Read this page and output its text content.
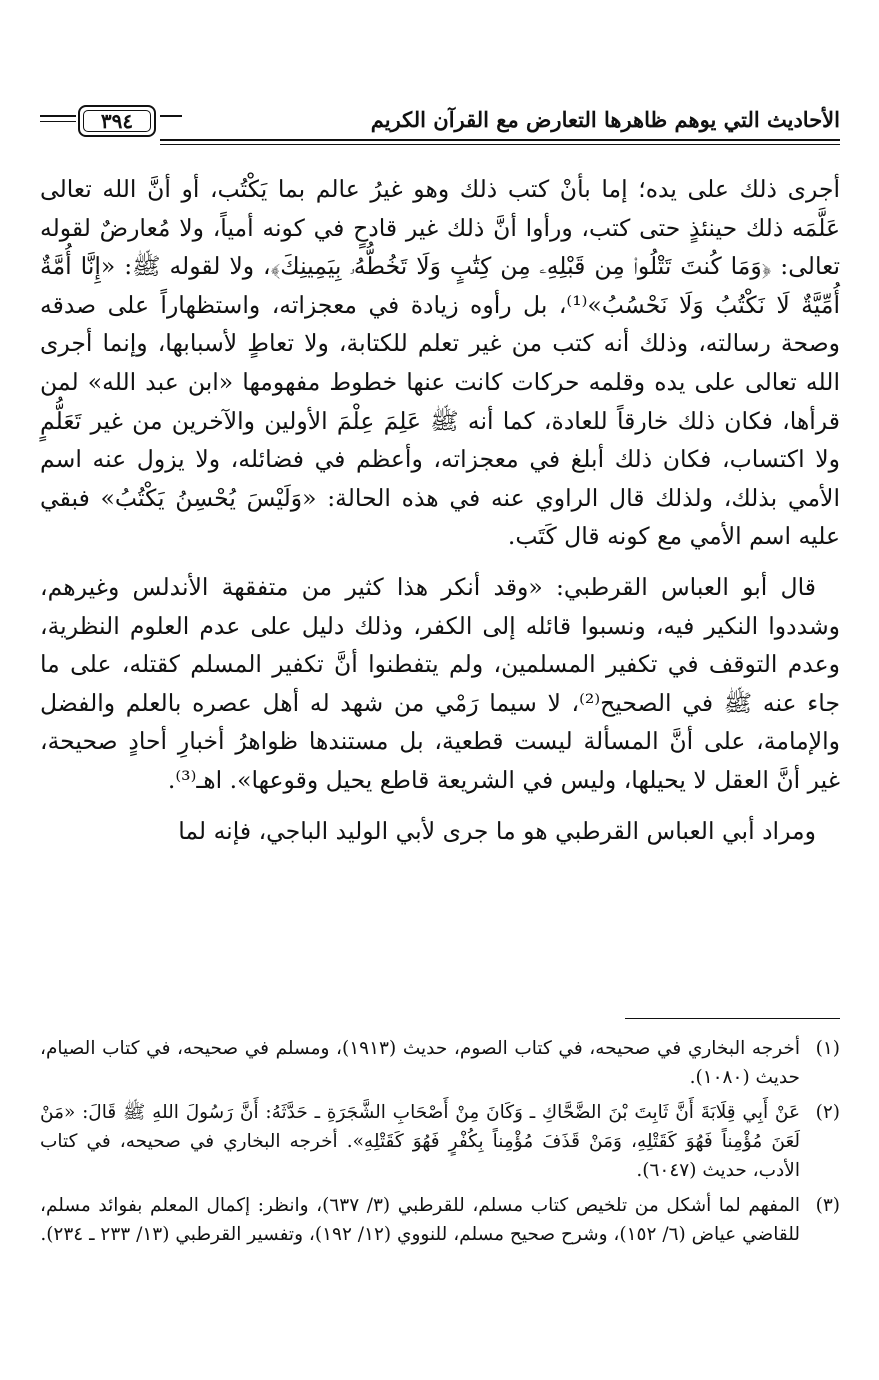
الأحاديث التي يوهم ظاهرها التعارض مع القرآن الكريم
٣٩٤

أجرى ذلك على يده؛ إما بأنْ كتب ذلك وهو غيرُ عالم بما يَكْتُب، أو أنَّ الله تعالى عَلَّمَه ذلك حينئذٍ حتى كتب، ورأوا أنَّ ذلك غير قادحٍ في كونه أمياً، ولا مُعارضٌ لقوله تعالى: ﴿وَمَا كُنتَ تَتْلُوا۟ مِن قَبْلِهِۦ مِن كِتَٰبٍ وَلَا تَخُطُّهُۥ بِيَمِينِكَ﴾، ولا لقوله ﷺ: «إِنَّا أُمَّةٌ أُمِّيَّةٌ لَا نَكْتُبُ وَلَا نَحْسُبُ»⁽¹⁾، بل رأوه زيادة في معجزاته، واستظهاراً على صدقه وصحة رسالته، وذلك أنه كتب من غير تعلم للكتابة، ولا تعاطٍ لأسبابها، وإنما أجرى الله تعالى على يده وقلمه حركات كانت عنها خطوط مفهومها «ابن عبد الله» لمن قرأها، فكان ذلك خارقاً للعادة، كما أنه ﷺ عَلِمَ عِلْمَ الأولين والآخرين من غير تَعَلُّمٍ ولا اكتساب، فكان ذلك أبلغ في معجزاته، وأعظم في فضائله، ولا يزول عنه اسم الأمي بذلك، ولذلك قال الراوي عنه في هذه الحالة: «وَلَيْسَ يُحْسِنُ يَكْتُبُ» فبقي عليه اسم الأمي مع كونه قال كَتَب.

قال أبو العباس القرطبي: «وقد أنكر هذا كثير من متفقهة الأندلس وغيرهم، وشددوا النكير فيه، ونسبوا قائله إلى الكفر، وذلك دليل على عدم العلوم النظرية، وعدم التوقف في تكفير المسلمين، ولم يتفطنوا أنَّ تكفير المسلم كقتله، على ما جاء عنه ﷺ في الصحيح⁽²⁾، لا سيما رَمْي من شهد له أهل عصره بالعلم والفضل والإمامة، على أنَّ المسألة ليست قطعية، بل مستندها ظواهرُ أخبارِ أحادٍ صحيحة، غير أنَّ العقل لا يحيلها، وليس في الشريعة قاطع يحيل وقوعها». اهـ⁽³⁾.

ومراد أبي العباس القرطبي هو ما جرى لأبي الوليد الباجي، فإنه لما

(١)
أخرجه البخاري في صحيحه، في كتاب الصوم، حديث (١٩١٣)، ومسلم في صحيحه، في كتاب الصيام، حديث (١٠٨٠).
(٢)
عَنْ أَبِي قِلَابَةَ أَنَّ ثَابِتَ بْنَ الضَّحَّاكِ ـ وَكَانَ مِنْ أَصْحَابِ الشَّجَرَةِ ـ حَدَّثَهُ: أَنَّ رَسُولَ اللهِ ﷺ قَالَ: «مَنْ لَعَنَ مُؤْمِناً فَهُوَ كَقَتْلِهِ، وَمَنْ قَذَفَ مُؤْمِناً بِكُفْرٍ فَهُوَ كَقَتْلِهِ». أخرجه البخاري في صحيحه، في كتاب الأدب، حديث (٦٠٤٧).
(٣)
المفهم لما أشكل من تلخيص كتاب مسلم، للقرطبي (٣/ ٦٣٧)، وانظر: إكمال المعلم بفوائد مسلم، للقاضي عياض (٦/ ١٥٢)، وشرح صحيح مسلم، للنووي (١٢/ ١٩٢)، وتفسير القرطبي (١٣/ ٢٣٣ ـ ٢٣٤).
